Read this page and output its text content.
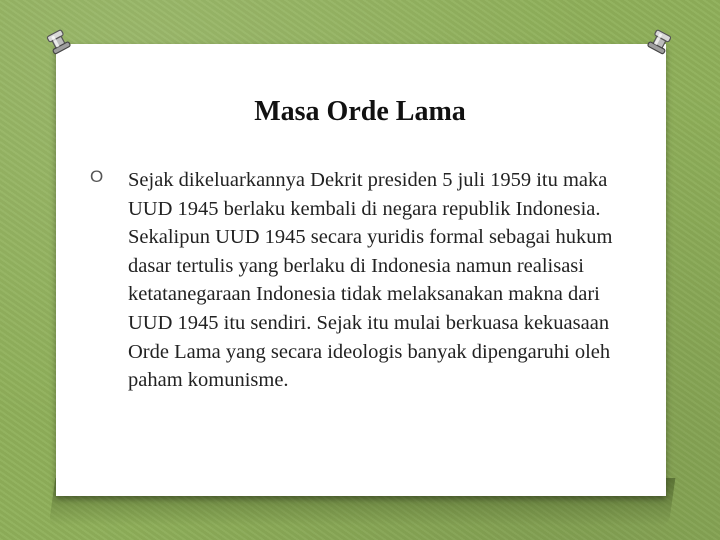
Masa Orde Lama
O Sejak dikeluarkannya Dekrit presiden 5 juli 1959 itu maka UUD 1945 berlaku kembali di negara republik Indonesia. Sekalipun UUD 1945 secara yuridis formal sebagai hukum dasar tertulis yang berlaku di Indonesia namun realisasi ketatanegaraan Indonesia tidak melaksanakan makna dari UUD 1945 itu sendiri. Sejak itu mulai berkuasa kekuasaan Orde Lama yang secara ideologis banyak dipengaruhi oleh paham komunisme.
